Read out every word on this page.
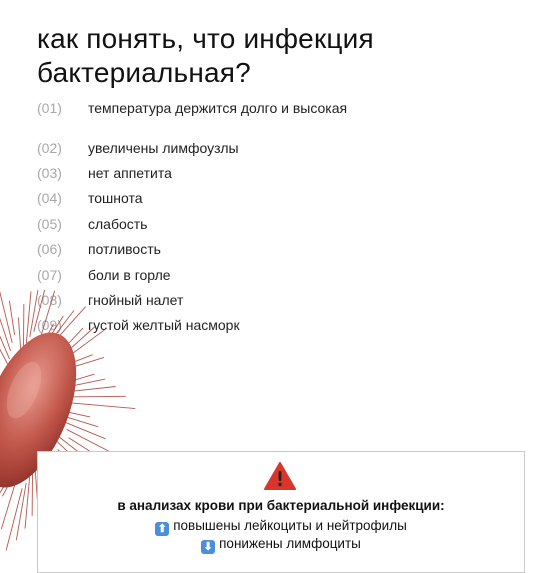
как понять, что инфекция бактериальная?
(01) температура держится долго и высокая
(02) увеличены лимфоузлы
(03) нет аппетита
(04) тошнота
(05) слабость
(06) потливость
(07) боли в горле
(08) гнойный налет
(09) густой желтый насморк
в анализах крови при бактериальной инфекции:
⬆ повышены лейкоциты и нейтрофилы
⬇ понижены лимфоциты
